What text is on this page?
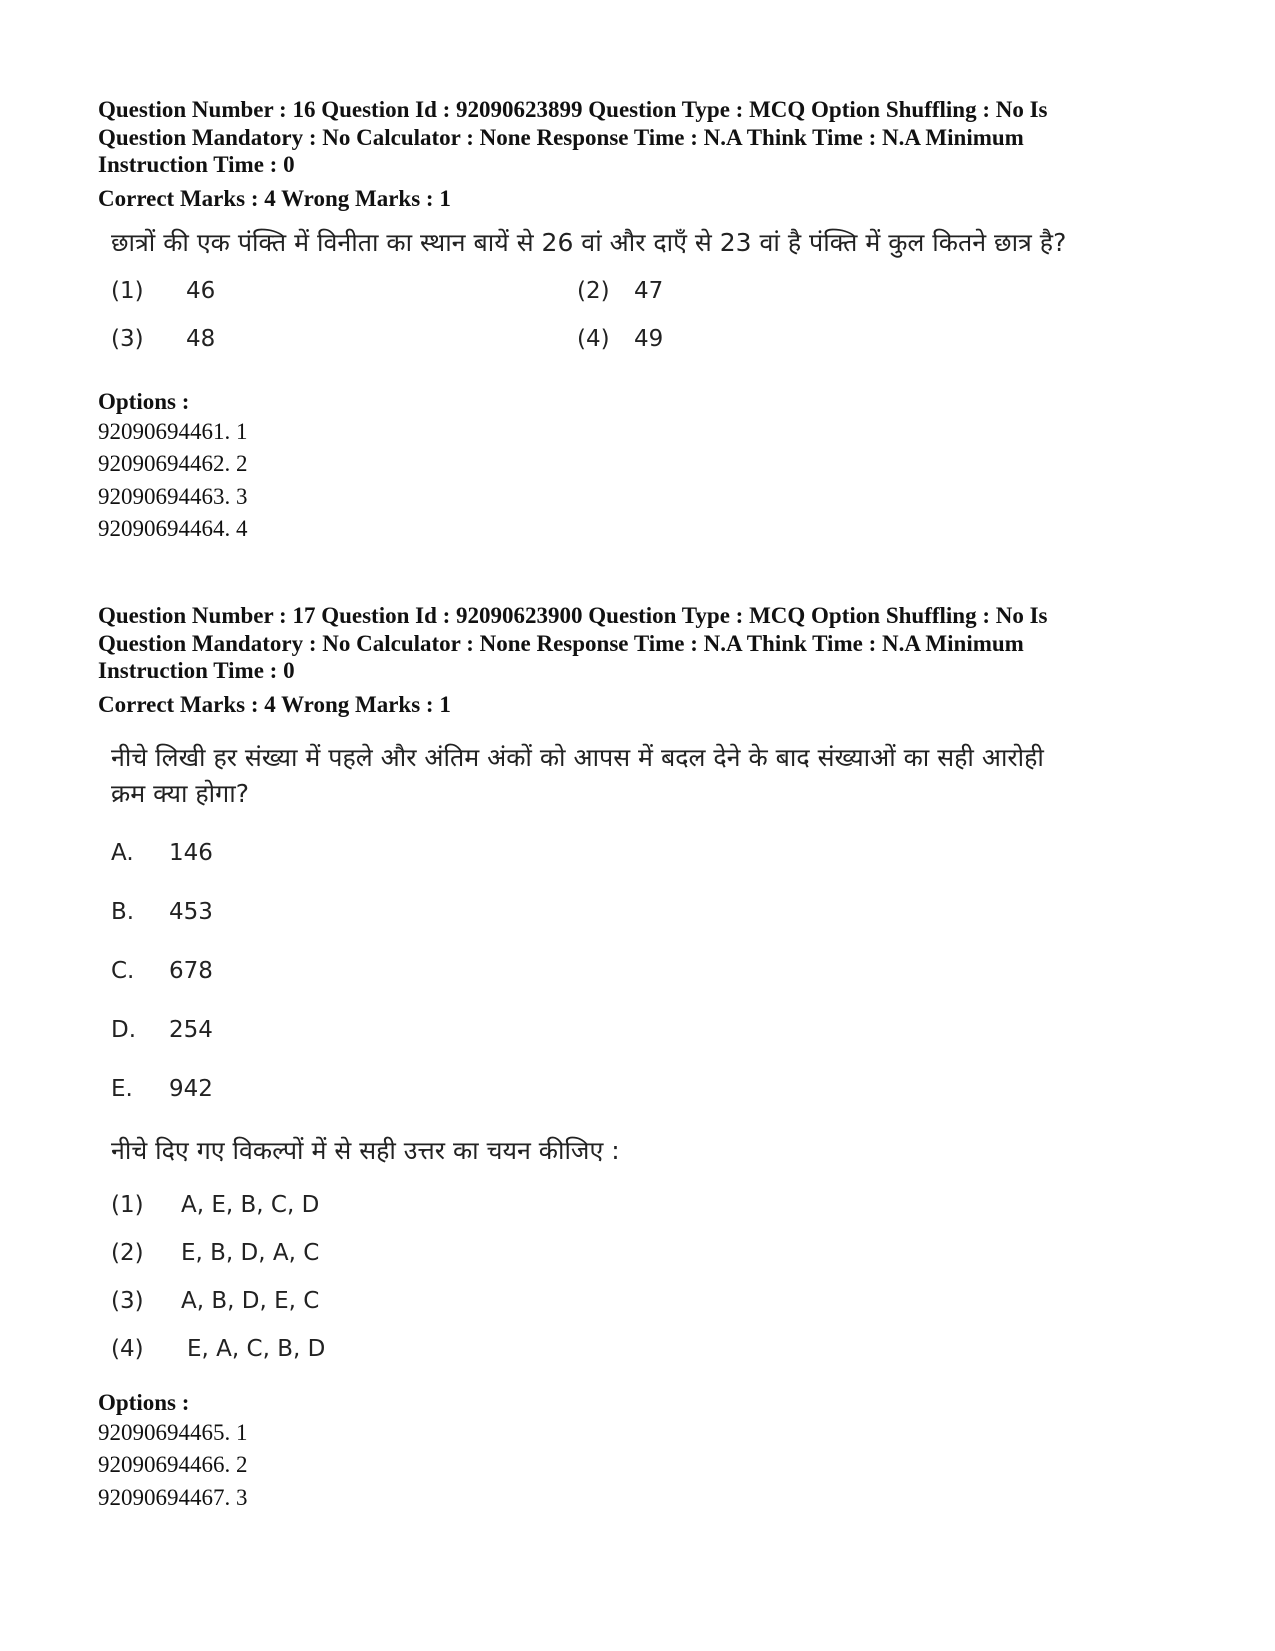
Question Number : 16 Question Id : 92090623899 Question Type : MCQ Option Shuffling : No Is

Question Mandatory : No Calculator : None Response Time : N.A Think Time : N.A Minimum

Instruction Time : 0

Correct Marks : 4 Wrong Marks : 1
छात्रों की एक पंक्ति में विनीता का स्थान बायें से 26 वां और दाएँ से 23 वां है पंक्ति में कुल कितने छात्र है?
(1)	46	(2)	47
(3)	48	(4)	49
Options :
92090694461. 1
92090694462. 2
92090694463. 3
92090694464. 4

Question Number : 17 Question Id : 92090623900 Question Type : MCQ Option Shuffling : No Is

Question Mandatory : No Calculator : None Response Time : N.A Think Time : N.A Minimum

Instruction Time : 0

Correct Marks : 4 Wrong Marks : 1
नीचे लिखी हर संख्या में पहले और अंतिम अंकों को आपस में बदल देने के बाद संख्याओं का सही आरोही
क्रम क्या होगा?
A.	146
B.	453
C.	678
D.	254
E.	942
नीचे दिए गए विकल्पों में से सही उत्तर का चयन कीजिए :
(1)	A, E, B, C, D
(2)	E, B, D, A, C
(3)	A, B, D, E, C
(4)	E, A, C, B, D
Options :
92090694465. 1
92090694466. 2
92090694467. 3
